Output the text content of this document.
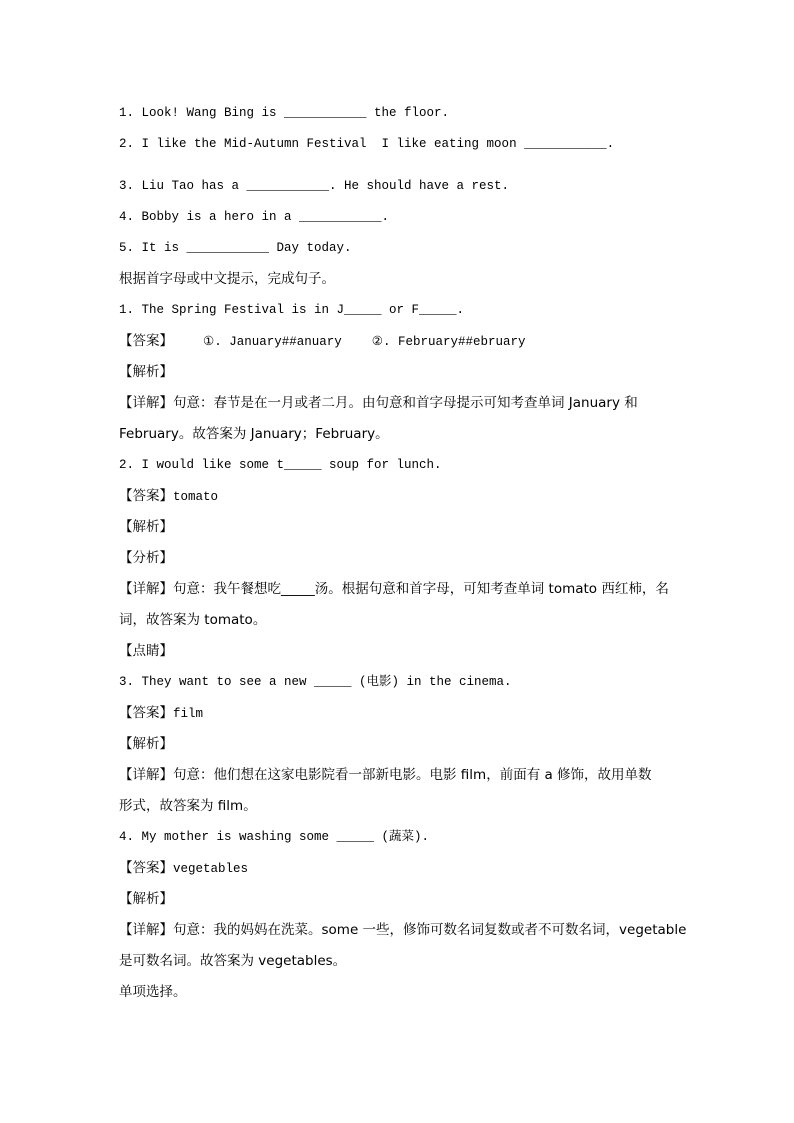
1. Look! Wang Bing is ___________ the floor.
2. I like the Mid-Autumn Festival  I like eating moon ___________.
3. Liu Tao has a ___________. He should have a rest.
4. Bobby is a hero in a ___________.
5. It is ___________ Day today.
根据首字母或中文提示，完成句子。
1. The Spring Festival is in J_____ or F_____.
【答案】    ①. January##anuary    ②. February##ebruary
【解析】
【详解】句意：春节是在一月或者二月。由句意和首字母提示可知考查单词 January 和
February。故答案为 January；February。
2. I would like some t_____ soup for lunch.
【答案】tomato
【解析】
【分析】
【详解】句意：我午餐想吃_____汤。根据句意和首字母，可知考查单词 tomato 西红柿，名
词，故答案为 tomato。
【点睛】
3. They want to see a new _____ (电影) in the cinema.
【答案】film
【解析】
【详解】句意：他们想在这家电影院看一部新电影。电影 film，前面有 a 修饰，故用单数
形式，故答案为 film。
4. My mother is washing some _____ (蔬菜).
【答案】vegetables
【解析】
【详解】句意：我的妈妈在洗菜。some 一些，修饰可数名词复数或者不可数名词，vegetable
是可数名词。故答案为 vegetables。
单项选择。
